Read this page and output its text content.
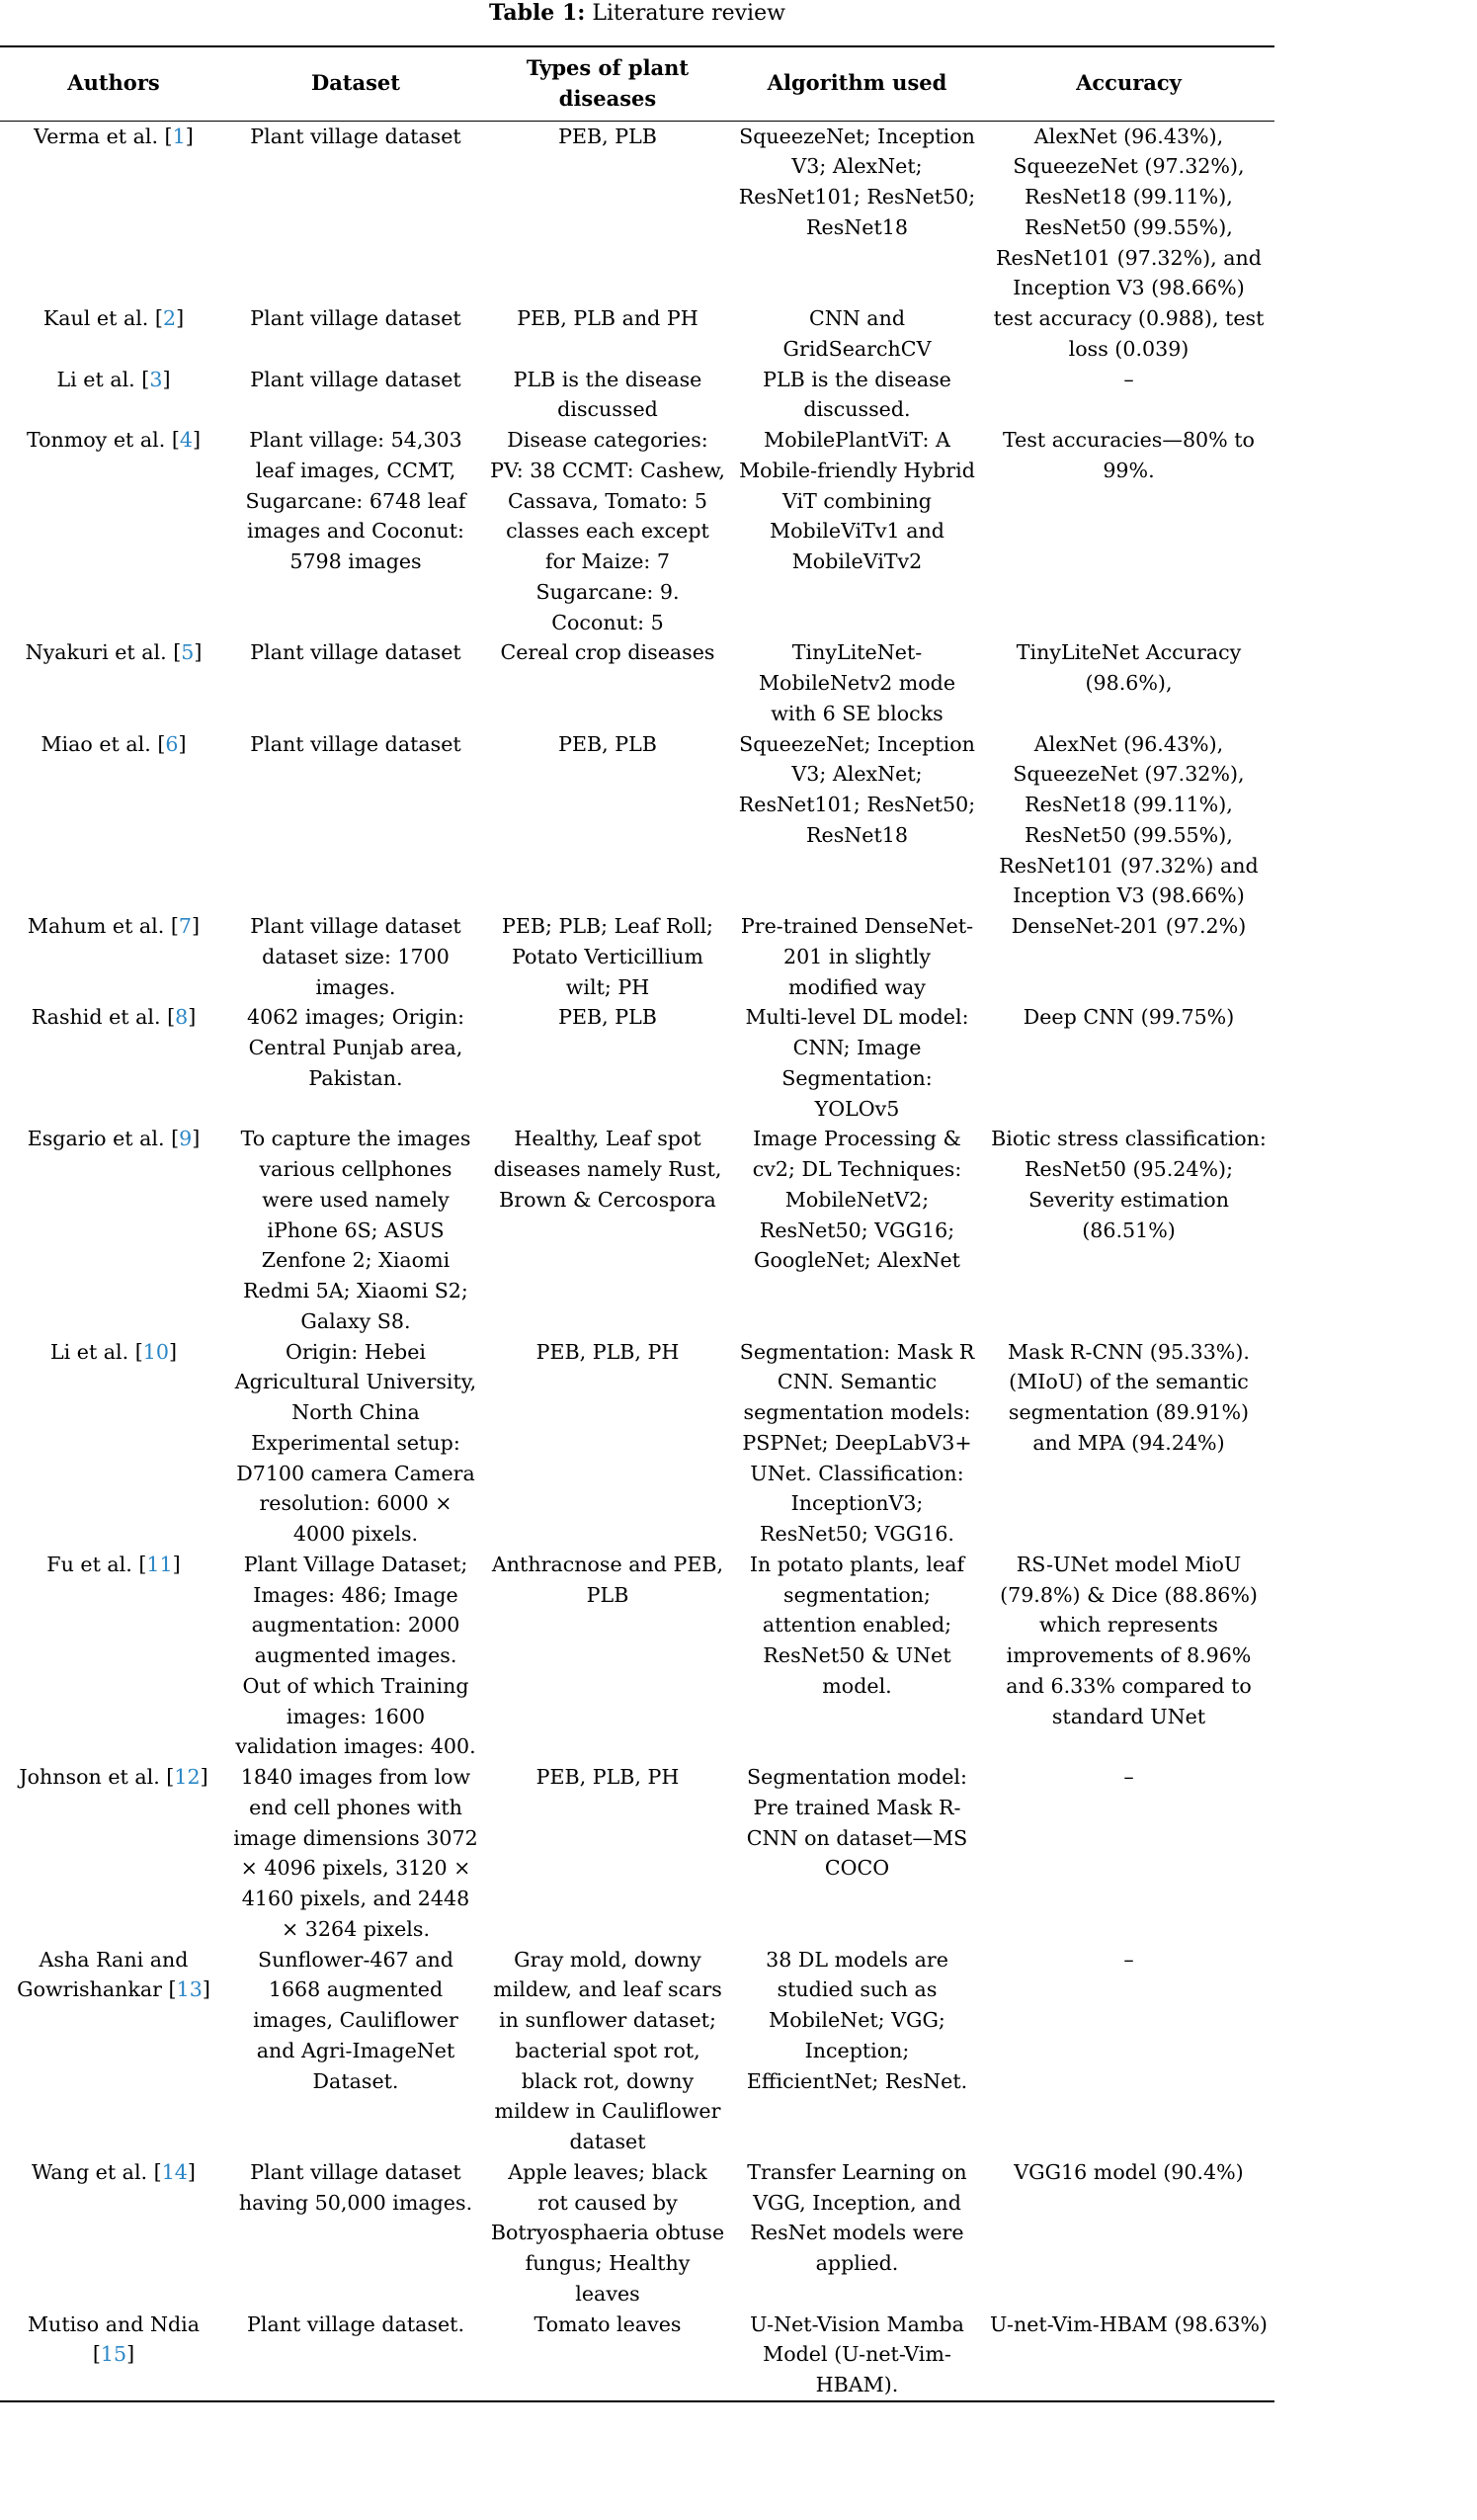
Table 1: Literature review
Authors	Dataset	Types of plant diseases	Algorithm used	Accuracy
Verma et al. [1]	Plant village dataset	PEB, PLB	SqueezeNet; Inception V3; AlexNet; ResNet101; ResNet50; ResNet18	AlexNet (96.43%), SqueezeNet (97.32%), ResNet18 (99.11%), ResNet50 (99.55%), ResNet101 (97.32%), and Inception V3 (98.66%)
Kaul et al. [2]	Plant village dataset	PEB, PLB and PH	CNN and GridSearchCV	test accuracy (0.988), test loss (0.039)
Li et al. [3]	Plant village dataset	PLB is the disease discussed	PLB is the disease discussed.	–
Tonmoy et al. [4]	Plant village: 54,303 leaf images, CCMT, Sugarcane: 6748 leaf images and Coconut: 5798 images	Disease categories: PV: 38 CCMT: Cashew, Cassava, Tomato: 5 classes each except for Maize: 7 Sugarcane: 9. Coconut: 5	MobilePlantViT: A Mobile-friendly Hybrid ViT combining MobileViTv1 and MobileViTv2	Test accuracies—80% to 99%.
Nyakuri et al. [5]	Plant village dataset	Cereal crop diseases	TinyLiteNet-MobileNetv2 mode with 6 SE blocks	TinyLiteNet Accuracy (98.6%),
Miao et al. [6]	Plant village dataset	PEB, PLB	SqueezeNet; Inception V3; AlexNet; ResNet101; ResNet50; ResNet18	AlexNet (96.43%), SqueezeNet (97.32%), ResNet18 (99.11%), ResNet50 (99.55%), ResNet101 (97.32%) and Inception V3 (98.66%)
Mahum et al. [7]	Plant village dataset dataset size: 1700 images.	PEB; PLB; Leaf Roll; Potato Verticillium wilt; PH	Pre-trained DenseNet-201 in slightly modified way	DenseNet-201 (97.2%)
Rashid et al. [8]	4062 images; Origin: Central Punjab area, Pakistan.	PEB, PLB	Multi-level DL model: CNN; Image Segmentation: YOLOv5	Deep CNN (99.75%)
Esgario et al. [9]	To capture the images various cellphones were used namely iPhone 6S; ASUS Zenfone 2; Xiaomi Redmi 5A; Xiaomi S2; Galaxy S8.	Healthy, Leaf spot diseases namely Rust, Brown & Cercospora	Image Processing & cv2; DL Techniques: MobileNetV2; ResNet50; VGG16; GoogleNet; AlexNet	Biotic stress classification: ResNet50 (95.24%); Severity estimation (86.51%)
Li et al. [10]	Origin: Hebei Agricultural University, North China Experimental setup: D7100 camera Camera resolution: 6000 × 4000 pixels.	PEB, PLB, PH	Segmentation: Mask R CNN. Semantic segmentation models: PSPNet; DeepLabV3+ UNet. Classification: InceptionV3; ResNet50; VGG16.	Mask R-CNN (95.33%). (MIoU) of the semantic segmentation (89.91%) and MPA (94.24%)
Fu et al. [11]	Plant Village Dataset; Images: 486; Image augmentation: 2000 augmented images. Out of which Training images: 1600 validation images: 400.	Anthracnose and PEB, PLB	In potato plants, leaf segmentation; attention enabled; ResNet50 & UNet model.	RS-UNet model MioU (79.8%) & Dice (88.86%) which represents improvements of 8.96% and 6.33% compared to standard UNet
Johnson et al. [12]	1840 images from low end cell phones with image dimensions 3072 × 4096 pixels, 3120 × 4160 pixels, and 2448 × 3264 pixels.	PEB, PLB, PH	Segmentation model: Pre trained Mask R-CNN on dataset—MS COCO	–
Asha Rani and Gowrishankar [13]	Sunflower-467 and 1668 augmented images, Cauliflower and Agri-ImageNet Dataset.	Gray mold, downy mildew, and leaf scars in sunflower dataset; bacterial spot rot, black rot, downy mildew in Cauliflower dataset	38 DL models are studied such as MobileNet; VGG; Inception; EfficientNet; ResNet.	–
Wang et al. [14]	Plant village dataset having 50,000 images.	Apple leaves; black rot caused by Botryosphaeria obtuse fungus; Healthy leaves	Transfer Learning on VGG, Inception, and ResNet models were applied.	VGG16 model (90.4%)
Mutiso and Ndia [15]	Plant village dataset.	Tomato leaves	U-Net-Vision Mamba Model (U-net-Vim-HBAM).	U-net-Vim-HBAM (98.63%)
